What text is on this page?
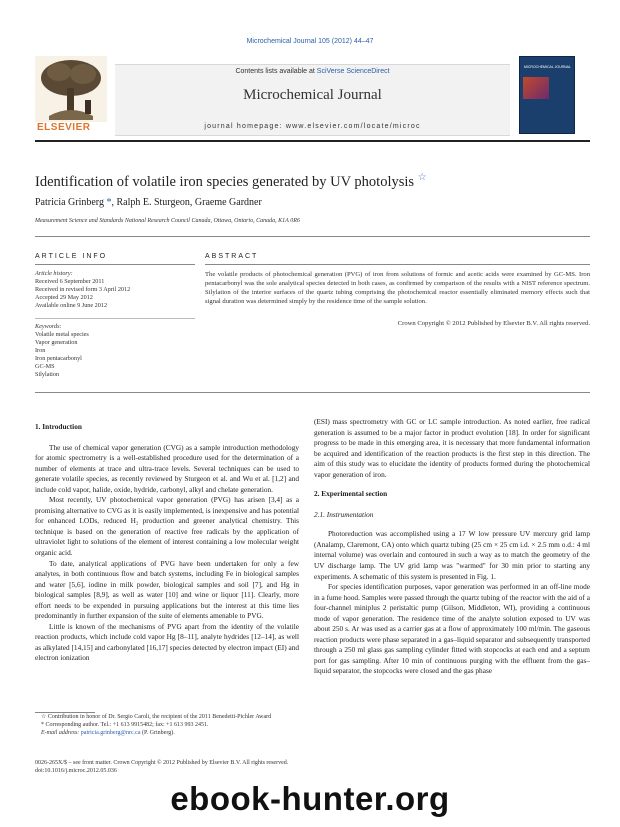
Microchemical Journal 105 (2012) 44–47
ELSEVIER
Contents lists available at SciVerse ScienceDirect
Microchemical Journal
journal homepage: www.elsevier.com/locate/microc
MICROCHEMICAL JOURNAL
Identification of volatile iron species generated by UV photolysis ☆
Patricia Grinberg *, Ralph E. Sturgeon, Graeme Gardner
Measurement Science and Standards National Research Council Canada, Ottawa, Ontario, Canada, K1A 0R6
ARTICLE INFO	ABSTRACT
Article history:
Received 6 September 2011
Received in revised form 3 April 2012
Accepted 29 May 2012
Available online 9 June 2012
Keywords:
Volatile metal species
Vapor generation
Iron
Iron pentacarbonyl
GC-MS
Silylation
The volatile products of photochemical generation (PVG) of iron from solutions of formic and acetic acids were examined by GC-MS. Iron pentacarbonyl was the sole analytical species detected in both cases, as confirmed by comparison of the results with a NIST reference spectrum. Silylation of the interior surfaces of the quartz tubing comprising the photochemical reactor essentially eliminated memory effects such that signal duration was determined simply by the residence time of the sample solution.
Crown Copyright © 2012 Published by Elsevier B.V. All rights reserved.
1. Introduction

The use of chemical vapor generation (CVG) as a sample introduction methodology for atomic spectrometry is a well-established procedure used for the determination of a number of elements at trace and ultra-trace levels. Several techniques can be used to generate volatile species, as recently reviewed by Sturgeon et al. and Wu et al. [1,2] and include cold vapor, halide, oxide, hydride, carbonyl, alkyl and chelate generation.

Most recently, UV photochemical vapor generation (PVG) has arisen [3,4] as a promising alternative to CVG as it is easily implemented, is inexpensive and has potential for enhanced LODs, reduced H₂ production and greener analytical chemistry. This technique is based on the generation of reactive free radicals by the application of ultraviolet light to solutions of the element of interest containing a low molecular weight organic acid.

To date, analytical applications of PVG have been undertaken for only a few analytes, in both continuous flow and batch systems, including Fe in biological samples and water [5,6], iodine in milk powder, biological samples and soil [7], and Hg in biological samples [8,9], as well as water [10] and wine or liquor [11]. Clearly, more effort needs to be expended in pursuing applications but the interest at this time lies predominantly in further expansion of the suite of elements amenable to PVG.

Little is known of the mechanisms of PVG apart from the identity of the volatile reaction products, which include cold vapor Hg [8–11], analyte hydrides [12–14], as well as alkylated [14,15] and carbonylated [16,17] species detected by electron impact (EI) and electron ionization

(ESI) mass spectrometry with GC or LC sample introduction. As noted earlier, free radical generation is assumed to be a major factor in product evolution [18]. In order for significant progress to be made in this emerging area, it is necessary that more fundamental information be acquired and identification of the reaction products is the first step in this direction. The aim of this study was to elucidate the identity of products formed during the photochemical vapor generation of iron.

2. Experimental section
2.1. Instrumentation

Photoreduction was accomplished using a 17 W low pressure UV mercury grid lamp (Analamp, Claremont, CA) onto which quartz tubing (25 cm × 25 cm i.d. × 2.5 mm o.d.: 4 ml internal volume) was overlain and contoured in such a way as to match the geometry of the UV discharge lamp. The UV grid lamp was "warmed" for 30 min prior to starting any experiments. A schematic of this system is presented in Fig. 1.

For species identification purposes, vapor generation was performed in an off-line mode in a fume hood. Samples were passed through the quartz tubing of the reactor with the aid of a four-channel miniplus 2 peristaltic pump (Gilson, Middleton, WI), providing a continuous mode of vapor generation. The residence time of the analyte solution exposed to UV was about 250 s. Ar was used as a carrier gas at a flow of approximately 100 ml/min. The gaseous reaction products were phase separated in a gas–liquid separator and subsequently transported through a 250 ml glass gas sampling cylinder fitted with stopcocks at each end and a septum port for gas sampling. After 10 min of continuous purging with the effluent from the gas–liquid separator, the stopcocks were closed and the gas phase

☆ Contribution in honor of Dr. Sergio Caroli, the recipient of the 2011 Benedetti-Pichler Award
* Corresponding author. Tel.: +1 613 9915482; fax: +1 613 993 2451.
E-mail address: patricia.grinberg@nrc.ca (P. Grinberg).
0026-265X/$ – see front matter. Crown Copyright © 2012 Published by Elsevier B.V. All rights reserved.
doi:10.1016/j.microc.2012.05.036
ebook-hunter.org
